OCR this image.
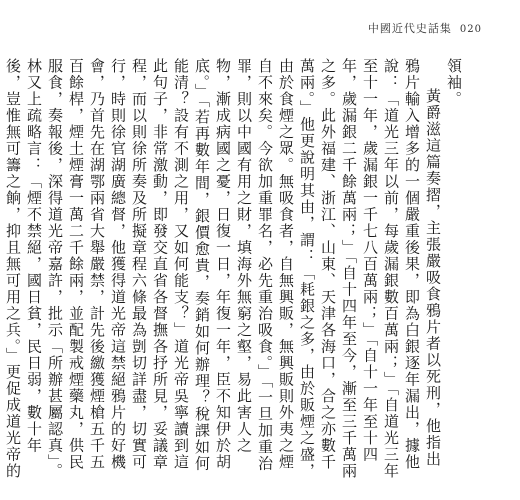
中國近代史話集 020

領袖。

黃爵滋這篇奏摺，主張嚴吸食鴉片者以死刑，他指出鴉片輸入增多的一個嚴重後果，即為白銀逐年漏出，據他說：「道光三年以前，每歲漏銀數百萬兩；」「自道光三年至十一年，歲漏銀一千七八百萬兩；」「自十一年至十四年，歲漏銀二千餘萬兩；」「自十四年至今，漸至三千萬兩之多。此外福建、浙江、山東、天津各海口，合之亦數千萬兩。」他更說明其由，謂：「耗銀之多，由於販煙之盛，由於食煙之眾。無吸食者，自無興販，無興販則外夷之煙自不來矣。今欲加重罪名，必先重治吸食。」「一旦加重治罪，則以中國有用之財，填海外無窮之壑，易此害人之物，漸成病國之憂，日復一日，年復一年，臣不知伊於胡底。」「若再數年間，銀價愈貴，奏銷如何辦理？稅課如何能清？設有不測之用，又如何能支？」道光帝吳寧讀到這此句子，非常激動，即發交直省各督撫各抒所見，妥議章程，而以則徐所奏及所擬章程六條最為剴切詳盡，切實可行，時則徐官湖廣總督，他獲得道光帝這禁絕鴉片的好機會，乃首先在湖鄂兩省大舉嚴禁，計先後繳獲煙槍五千五百餘桿，煙土煙膏一萬二千餘兩，並配製戒煙藥丸，供民服食，奏報後，深得道光帝嘉許，批示「所辦甚屬認真」。林又上疏略言：「煙不禁絕，國日貧，民日弱，數十年後，豈惟無可籌之餉，抑且無可用之兵。」更促成道光帝的
